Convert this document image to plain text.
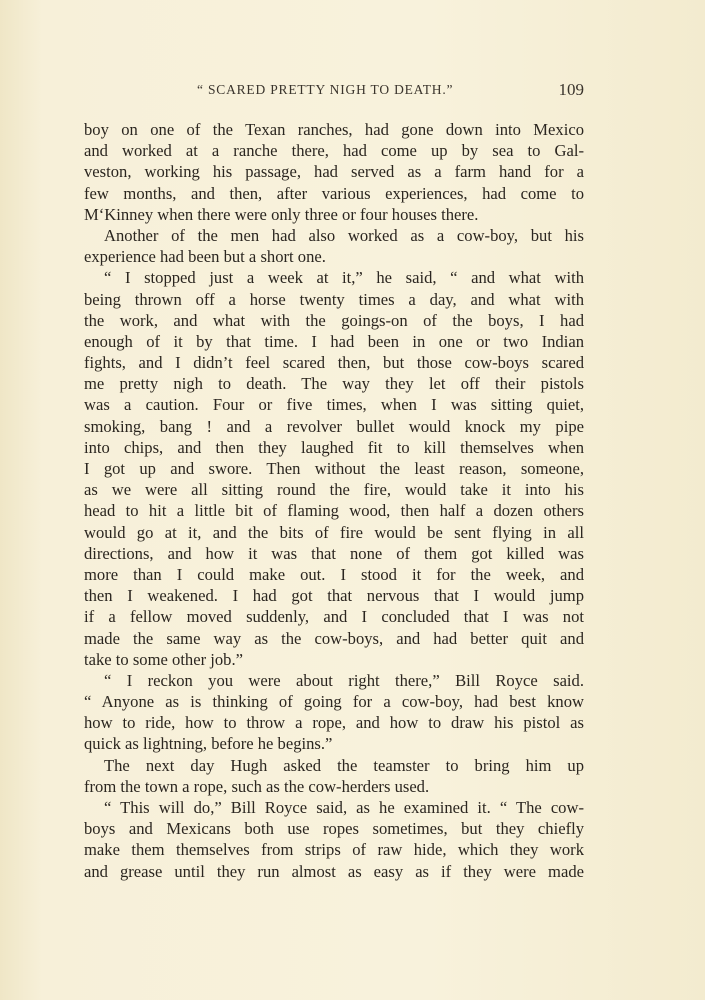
“ SCARED PRETTY NIGH TO DEATH.”	109
boy on one of the Texan ranches, had gone down into Mexico
and worked at a ranche there, had come up by sea to Gal-
veston, working his passage, had served as a farm hand for a
few months, and then, after various experiences, had come to
M‘Kinney when there were only three or four houses there.
Another of the men had also worked as a cow-boy, but his
experience had been but a short one.
“ I stopped just a week at it,” he said, “ and what with
being thrown off a horse twenty times a day, and what with
the work, and what with the goings-on of the boys, I had
enough of it by that time. I had been in one or two Indian
fights, and I didn’t feel scared then, but those cow-boys scared
me pretty nigh to death. The way they let off their pistols
was a caution. Four or five times, when I was sitting quiet,
smoking, bang ! and a revolver bullet would knock my pipe
into chips, and then they laughed fit to kill themselves when
I got up and swore. Then without the least reason, someone,
as we were all sitting round the fire, would take it into his
head to hit a little bit of flaming wood, then half a dozen others
would go at it, and the bits of fire would be sent flying in all
directions, and how it was that none of them got killed was
more than I could make out. I stood it for the week, and
then I weakened. I had got that nervous that I would jump
if a fellow moved suddenly, and I concluded that I was not
made the same way as the cow-boys, and had better quit and
take to some other job.”
“ I reckon you were about right there,” Bill Royce said.
“ Anyone as is thinking of going for a cow-boy, had best know
how to ride, how to throw a rope, and how to draw his pistol as
quick as lightning, before he begins.”
The next day Hugh asked the teamster to bring him up
from the town a rope, such as the cow-herders used.
“ This will do,” Bill Royce said, as he examined it. “ The cow-
boys and Mexicans both use ropes sometimes, but they chiefly
make them themselves from strips of raw hide, which they work
and grease until they run almost as easy as if they were made
